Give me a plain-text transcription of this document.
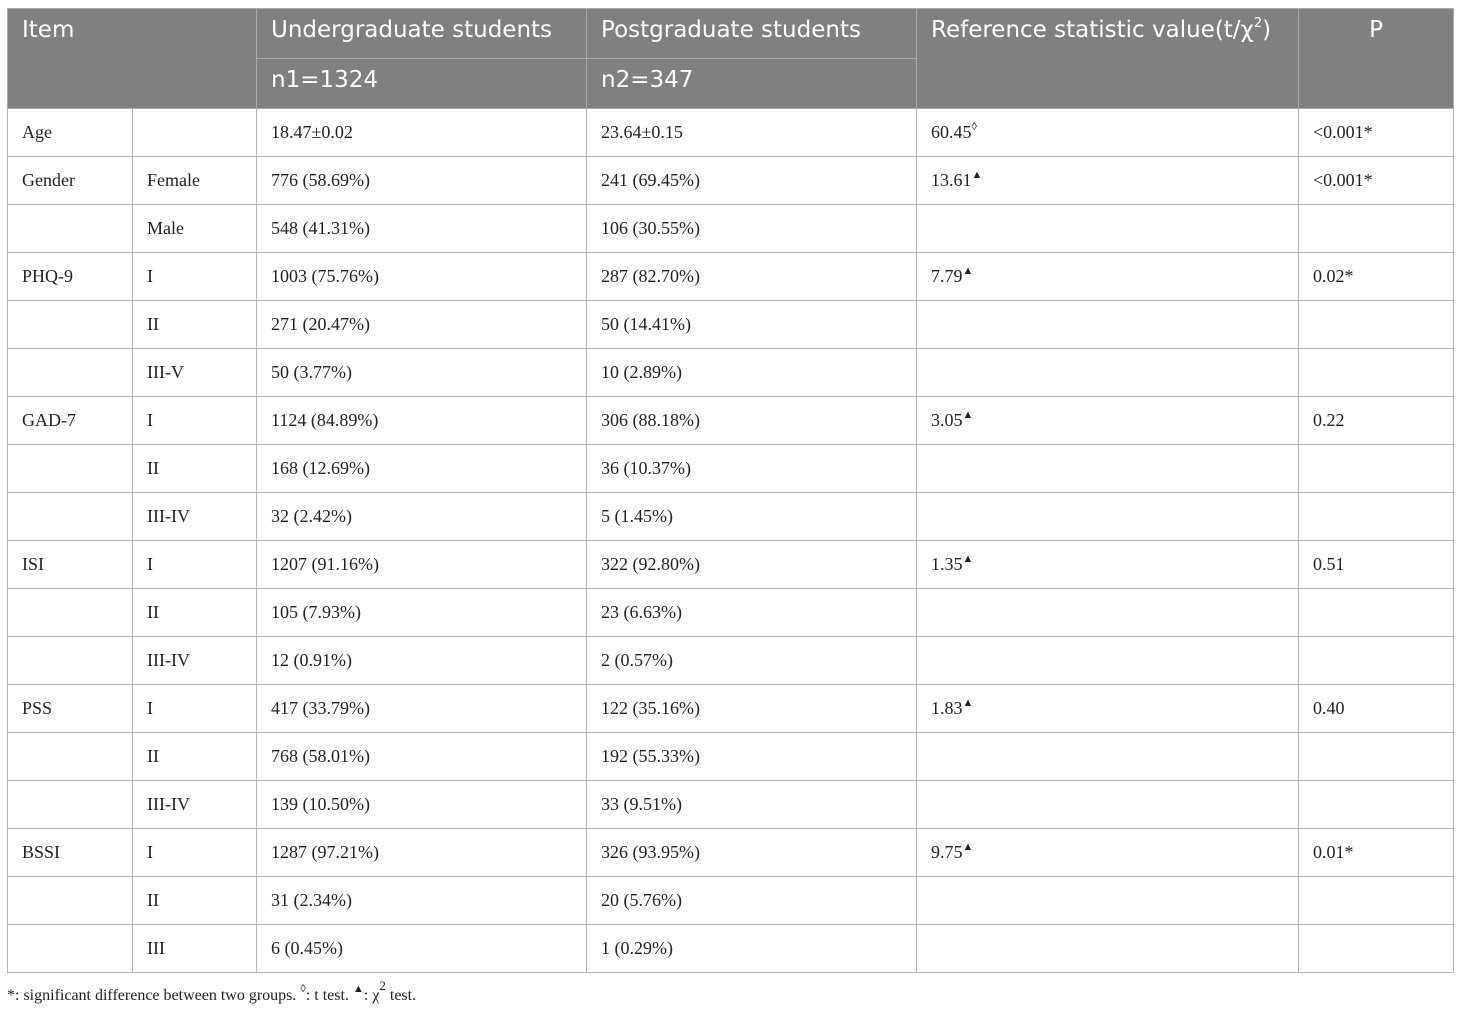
Item		Undergraduate students	Postgraduate students	Reference statistic $value(t/\chi^2)$	P
		n1=1324	n2=347		
Age		18.47±0.02	23.64±0.15	60.45◊	<0.001*
Gender	Female	776 (58.69%)	241 (69.45%)	13.61▲	<0.001*
	Male	548 (41.31%)	106 (30.55%)		
PHQ-9	I	1003 (75.76%)	287 (82.70%)	7.79▲	0.02*
	II	271 (20.47%)	50 (14.41%)		
	III-V	50 (3.77%)	10 (2.89%)		
GAD-7	I	1124 (84.89%)	306 (88.18%)	3.05▲	0.22
	II	168 (12.69%)	36 (10.37%)		
	III-IV	32 (2.42%)	5 (1.45%)		
ISI	I	1207 (91.16%)	322 (92.80%)	1.35▲	0.51
	II	105 (7.93%)	23 (6.63%)		
	III-IV	12 (0.91%)	2 (0.57%)		
PSS	I	417 (33.79%)	122 (35.16%)	1.83▲	0.40
	II	768 (58.01%)	192 (55.33%)		
	III-IV	139 (10.50%)	33 (9.51%)		
BSSI	I	1287 (97.21%)	326 (93.95%)	9.75▲	0.01*
	II	31 (2.34%)	20 (5.76%)		
	III	6 (0.45%)	1 (0.29%)		
*: significant difference between two groups. ◊: t test. ▲: $\chi^2$ test.
